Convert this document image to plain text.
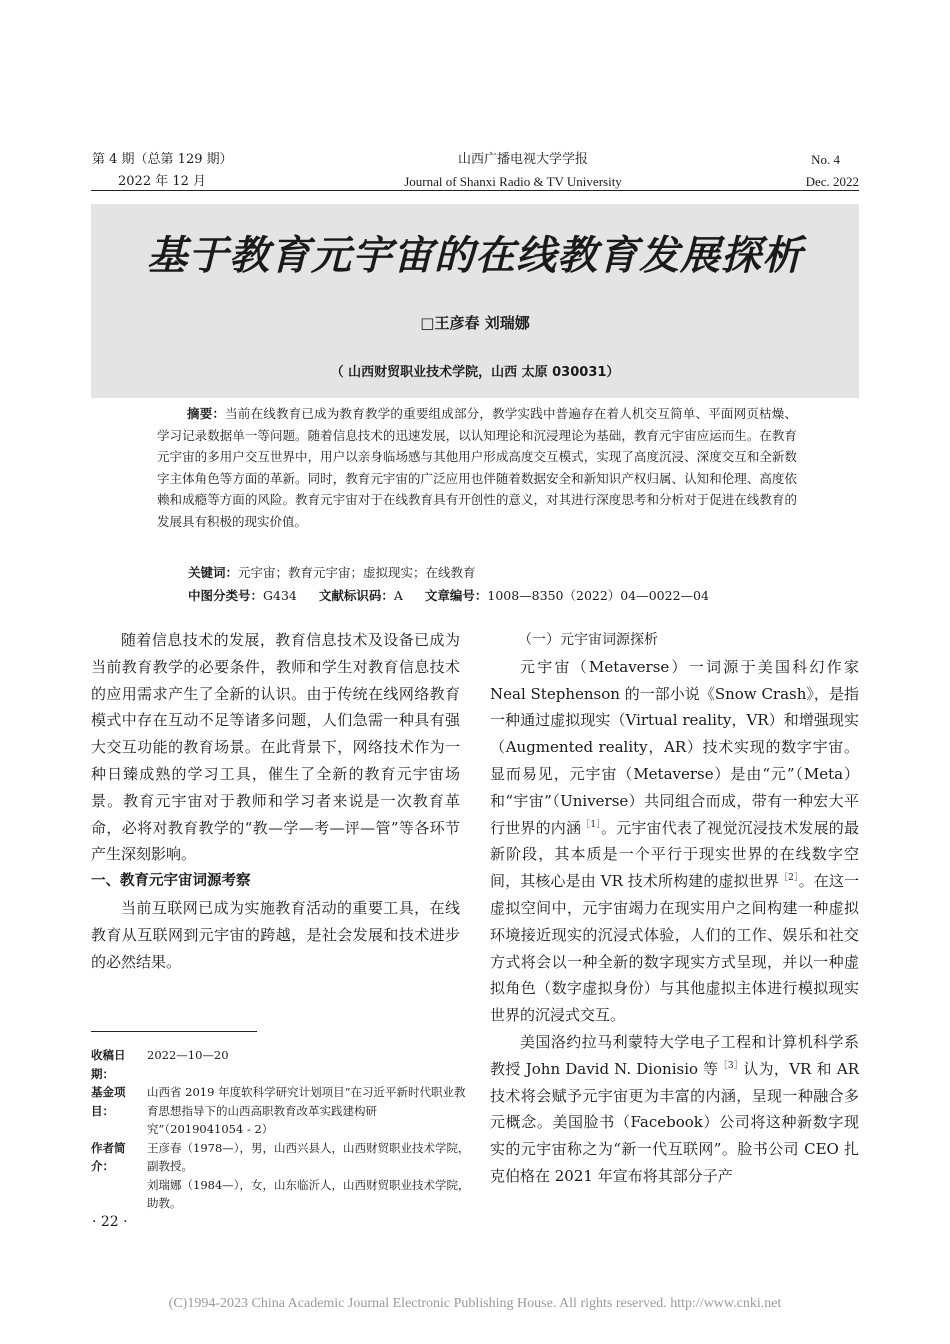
第 4 期（总第 129 期）
2022 年 12 月
山西广播电视大学学报
Journal of Shanxi Radio & TV University
No. 4
Dec. 2022
基于教育元宇宙的在线教育发展探析
□王彦春 刘瑞娜
（ 山西财贸职业技术学院，山西 太原 030031）
摘要：当前在线教育已成为教育教学的重要组成部分，教学实践中普遍存在着人机交互简单、平面网页枯燥、学习记录数据单一等问题。随着信息技术的迅速发展，以认知理论和沉浸理论为基础，教育元宇宙应运而生。在教育元宇宙的多用户交互世界中，用户以亲身临场感与其他用户形成高度交互模式，实现了高度沉浸、深度交互和全新数字主体角色等方面的革新。同时，教育元宇宙的广泛应用也伴随着数据安全和新知识产权归属、认知和伦理、高度依赖和成瘾等方面的风险。教育元宇宙对于在线教育具有开创性的意义，对其进行深度思考和分析对于促进在线教育的发展具有积极的现实价值。
关键词：元宇宙；教育元宇宙；虚拟现实；在线教育
中图分类号：G434 文献标识码：A 文章编号：1008—8350（2022）04—0022—04

随着信息技术的发展，教育信息技术及设备已成为当前教育教学的必要条件，教师和学生对教育信息技术的应用需求产生了全新的认识。由于传统在线网络教育模式中存在互动不足等诸多问题，人们急需一种具有强大交互功能的教育场景。在此背景下，网络技术作为一种日臻成熟的学习工具，催生了全新的教育元宇宙场景。教育元宇宙对于教师和学习者来说是一次教育革命，必将对教育教学的“教—学—考—评—管”等各环节产生深刻影响。

一、教育元宇宙词源考察

当前互联网已成为实施教育活动的重要工具，在线教育从互联网到元宇宙的跨越，是社会发展和技术进步的必然结果。

（一）元宇宙词源探析

元宇宙（Metaverse）一词源于美国科幻作家Neal Stephenson 的一部小说《Snow Crash》，是指一种通过虚拟现实（Virtual reality，VR）和增强现实（Augmented reality，AR）技术实现的数字宇宙。显而易见，元宇宙（Metaverse）是由“元”（Meta）和“宇宙”（Universe）共同组合而成，带有一种宏大平行世界的内涵$^{[1]}$。元宇宙代表了视觉沉浸技术发展的最新阶段，其本质是一个平行于现实世界的在线数字空间，其核心是由 VR 技术所构建的虚拟世界$^{[2]}$。在这一虚拟空间中，元宇宙竭力在现实用户之间构建一种虚拟环境接近现实的沉浸式体验，人们的工作、娱乐和社交方式将会以一种全新的数字现实方式呈现，并以一种虚拟角色（数字虚拟身份）与其他虚拟主体进行模拟现实世界的沉浸式交互。

美国洛约拉马利蒙特大学电子工程和计算机科学系教授 John David N. Dionisio 等$^{[3]}$认为，VR 和 AR 技术将会赋予元宇宙更为丰富的内涵，呈现一种融合多元概念。美国脸书（Facebook）公司将这种新数字现实的元宇宙称之为“新一代互联网”。脸书公司 CEO 扎克伯格在 2021 年宣布将其部分子产

收稿日期：
2022—10—20
基金项目：
山西省 2019 年度软科学研究计划项目“在习近平新时代职业教育思想指导下的山西高职教育改革实践建构研究”（2019041054 - 2）
作者简介：
王彦春（1978—），男，山西兴县人，山西财贸职业技术学院，副教授。
刘瑞娜（1984—），女，山东临沂人，山西财贸职业技术学院，助教。
· 22 ·
(C)1994-2023 China Academic Journal Electronic Publishing House. All rights reserved. http://www.cnki.net
